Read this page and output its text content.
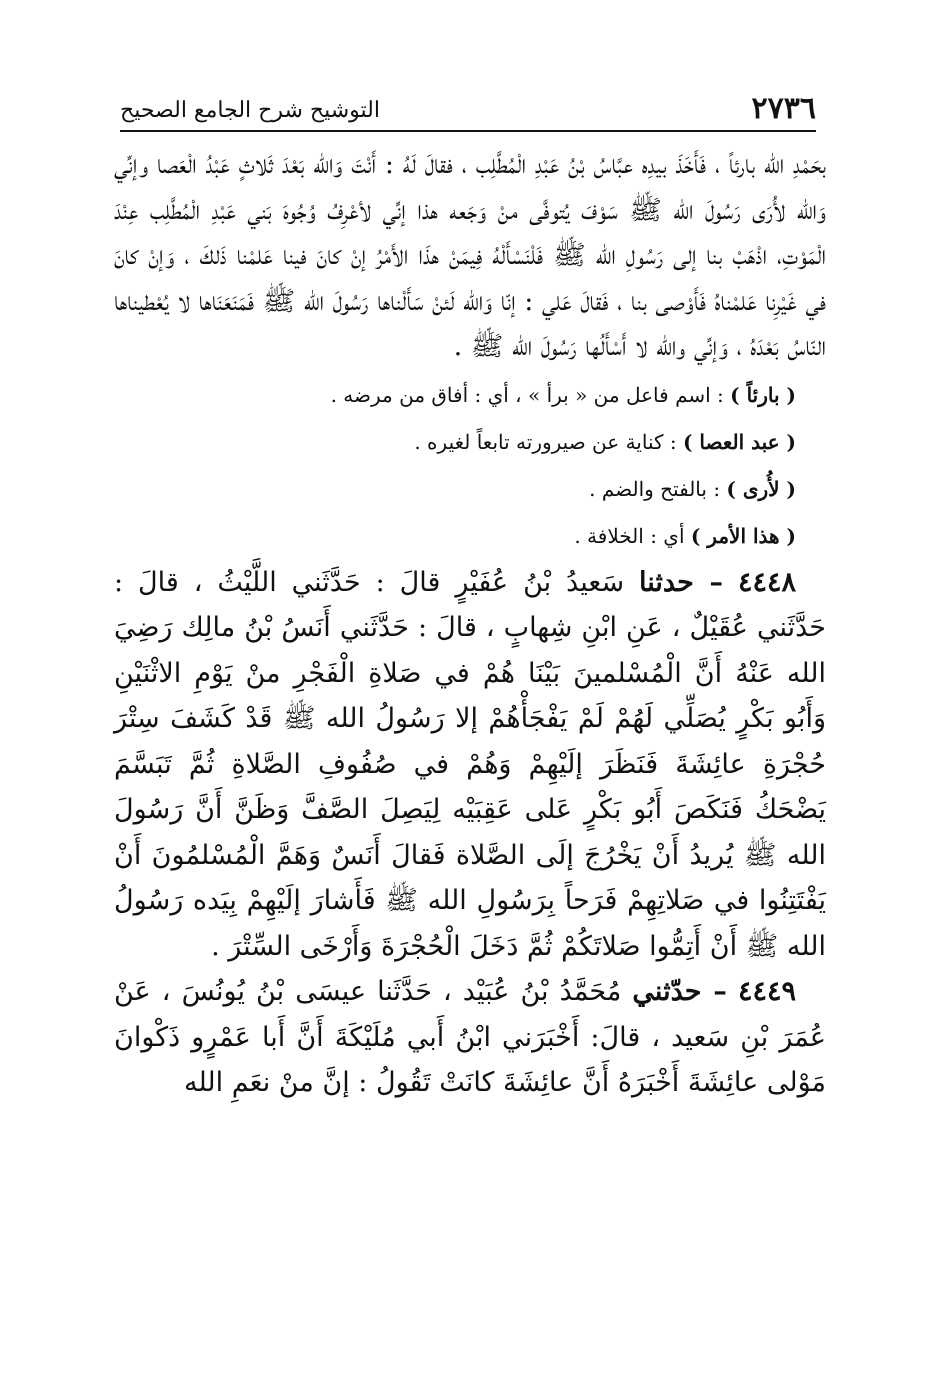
٢٧٣٦
التوشيح شرح الجامع الصحيح

بحَمْدِ الله بارئاً ، فَأَخَذَ بيدِه عبَّاسُ بْنُ عَبْدِ الْمُطَّلِب ، فقالَ لَهُ : أَنْتَ وَالله بَعْدَ ثَلاثٍ عَبْدُ الْعَصا وإنِّي وَالله لأُرَى رَسُولَ الله ﷺ سَوْفَ يُتوفَّى منْ وَجَعه هذا إنِّي لأعْرِفُ وُجُوهَ بَني عَبْدِ الْمُطَّلِب عِنْدَ الْمَوْتِ، اذْهَبْ بنا إلى رَسُولِ الله ﷺ فَلْنَسْأَلْهُ فِيمَنْ هذَا الأَمْرُ إنْ كانَ فينا عَلمْنا ذَلكَ ، وَإنْ كانَ في غَيْرِنا عَلمْناهُ فَأَوْصى بنا ، فَقالَ عَلي : إنّا وَالله لَئنْ سَأَلْناها رَسُولَ الله ﷺ فَمَنَعَنَاها لا يُعْطيناها النّاسُ بَعْدَهُ ، وَإنِّي والله لا أَسْأَلُها رَسُولَ الله ﷺ .

( بارئاً ) : اسم فاعل من « برأ » ، أي : أفاق من مرضه .
( عبد العصا ) : كناية عن صيرورته تابعاً لغيره .
( لأُرى ) : بالفتح والضم .
( هذا الأمر ) أي : الخلافة .

٤٤٤٨ – حدثنا سَعيدُ بْنُ عُفَيْرٍ قالَ : حَدَّثَني اللَّيْثُ ، قالَ : حَدَّثَني عُقَيْلٌ ، عَنِ ابْنِ شِهابٍ ، قالَ : حَدَّثَني أَنَسُ بْنُ مالِك رَضِيَ الله عَنْهُ أَنَّ الْمُسْلمينَ بَيْنَا هُمْ في صَلاةِ الْفَجْرِ منْ يَوْمِ الاثْنَيْنِ وَأَبُو بَكْرٍ يُصَلِّي لَهُمْ لَمْ يَفْجَأْهُمْ إلا رَسُولُ الله ﷺ قَدْ كَشَفَ سِتْرَ حُجْرَةِ عائِشَةَ فَنَظَرَ إلَيْهِمْ وَهُمْ في صُفُوفِ الصَّلاةِ ثُمَّ تَبَسَّمَ يَضْحَكُ فَنَكَصَ أَبُو بَكْرٍ عَلى عَقِبَيْه لِيَصِلَ الصَّفَّ وَظَنَّ أَنَّ رَسُولَ الله ﷺ يُريدُ أَنْ يَخْرُجَ إلَى الصَّلاة فَقالَ أَنَسٌ وَهَمَّ الْمُسْلمُونَ أَنْ يَفْتَتِنُوا في صَلاتِهِمْ فَرَحاً بِرَسُولِ الله ﷺ فَأَشارَ إلَيْهِمْ بِيَده رَسُولُ الله ﷺ أَنْ أَتِمُّوا صَلاتَكُمْ ثُمَّ دَخَلَ الْحُجْرَةَ وَأَرْخَى السِّتْرَ .

٤٤٤٩ – حدّثني مُحَمَّدُ بْنُ عُبَيْد ، حَدَّثَنا عيسَى بْنُ يُونُسَ ، عَنْ عُمَرَ بْنِ سَعيد ، قالَ: أَخْبَرَني ابْنُ أَبي مُلَيْكَةَ أَنَّ أَبا عَمْرٍو ذَكْوانَ مَوْلى عائِشَةَ أَخْبَرَهُ أَنَّ عائِشَةَ كانَتْ تَقُولُ : إنَّ منْ نعَمِ الله
